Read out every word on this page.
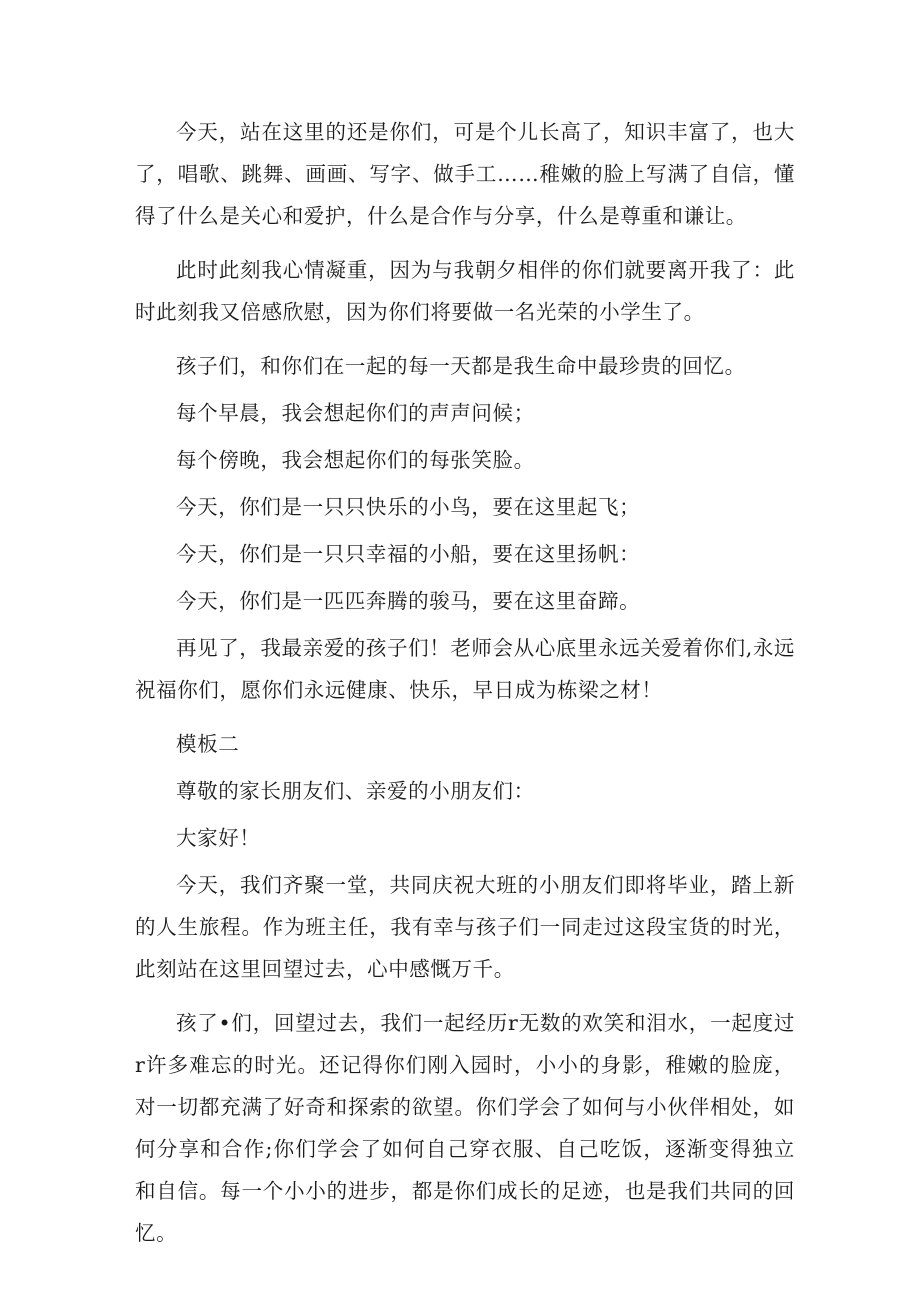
今天，站在这里的还是你们，可是个儿长高了，知识丰富了，也大了，唱歌、跳舞、画画、写字、做手工……稚嫩的脸上写满了自信，懂得了什么是关心和爱护，什么是合作与分享，什么是尊重和谦让。

此时此刻我心情凝重，因为与我朝夕相伴的你们就要离开我了：此时此刻我又倍感欣慰，因为你们将要做一名光荣的小学生了。

孩子们，和你们在一起的每一天都是我生命中最珍贵的回忆。

每个早晨，我会想起你们的声声问候；

每个傍晚，我会想起你们的每张笑脸。

今天，你们是一只只快乐的小鸟，要在这里起飞；

今天，你们是一只只幸福的小船，要在这里扬帆：

今天，你们是一匹匹奔腾的骏马，要在这里奋蹄。

再见了，我最亲爱的孩子们！老师会从心底里永远关爱着你们,永远祝福你们，愿你们永远健康、快乐，早日成为栋梁之材！

模板二

尊敬的家长朋友们、亲爱的小朋友们：

大家好！

今天，我们齐聚一堂，共同庆祝大班的小朋友们即将毕业，踏上新的人生旅程。作为班主任，我有幸与孩子们一同走过这段宝货的时光，此刻站在这里回望过去，心中感慨万千。

孩了•们，回望过去，我们一起经历r无数的欢笑和泪水，一起度过r许多难忘的时光。还记得你们刚入园时，小小的身影，稚嫩的脸庞，对一切都充满了好奇和探索的欲望。你们学会了如何与小伙伴相处，如何分享和合作;你们学会了如何自己穿衣服、自己吃饭，逐渐变得独立和自信。每一个小小的进步，都是你们成长的足迹，也是我们共同的回忆。
